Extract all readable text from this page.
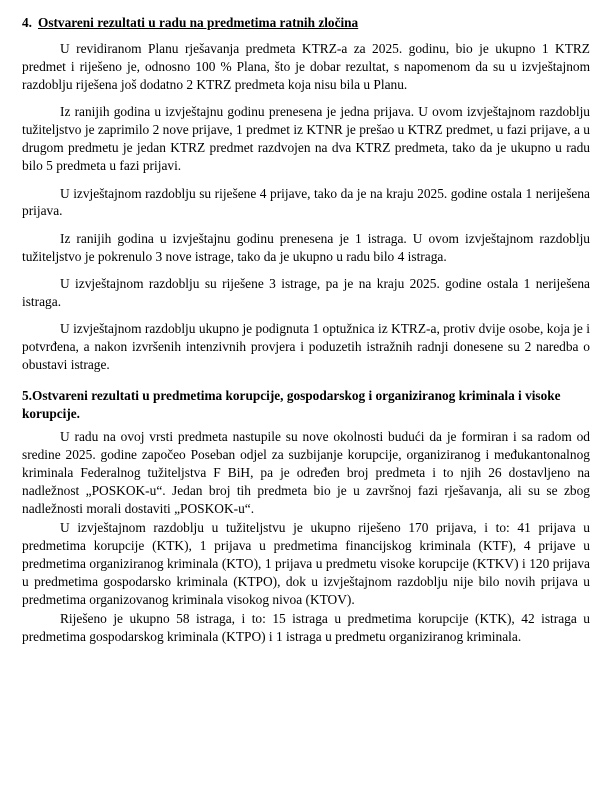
4. Ostvareni rezultati u radu na predmetima ratnih zločina

U revidiranom Planu rješavanja predmeta KTRZ-a za 2025. godinu, bio je ukupno 1 KTRZ predmet i riješeno je, odnosno 100 % Plana, što je dobar rezultat, s napomenom da su u izvještajnom razdoblju riješena još dodatno 2 KTRZ predmeta koja nisu bila u Planu.

Iz ranijih godina u izvještajnu godinu prenesena je jedna prijava. U ovom izvještajnom razdoblju tužiteljstvo je zaprimilo 2 nove prijave, 1 predmet iz KTNR je prešao u KTRZ predmet, u fazi prijave, a u drugom predmetu je jedan KTRZ predmet razdvojen na dva KTRZ predmeta, tako da je ukupno u radu bilo 5 predmeta u fazi prijavi.

U izvještajnom razdoblju su riješene 4 prijave, tako da je na kraju 2025. godine ostala 1 neriješena prijava.

Iz ranijih godina u izvještajnu godinu prenesena je 1 istraga. U ovom izvještajnom razdoblju tužiteljstvo je pokrenulo 3 nove istrage, tako da je ukupno u radu bilo 4 istraga.

U izvještajnom razdoblju su riješene 3 istrage, pa je na kraju 2025. godine ostala 1 neriješena istraga.

U izvještajnom razdoblju ukupno je podignuta 1 optužnica iz KTRZ-a, protiv dvije osobe, koja je i potvrđena, a nakon izvršenih intenzivnih provjera i poduzetih istražnih radnji donesene su 2 naredba o obustavi istrage.

5.Ostvareni rezultati u predmetima korupcije, gospodarskog i organiziranog kriminala i visoke korupcije.

U radu na ovoj vrsti predmeta nastupile su nove okolnosti budući da je formiran i sa radom od sredine 2025. godine započeo Poseban odjel za suzbijanje korupcije, organiziranog i međukantonalnog kriminala Federalnog tužiteljstva F BiH, pa je određen broj predmeta i to njih 26 dostavljeno na nadležnost „POSKOK-u“. Jedan broj tih predmeta bio je u završnoj fazi rješavanja, ali su se zbog nadležnosti morali dostaviti „POSKOK-u“.

U izvještajnom razdoblju u tužiteljstvu je ukupno riješeno 170 prijava, i to: 41 prijava u predmetima korupcije (KTK), 1 prijava u predmetima financijskog kriminala (KTF), 4 prijave u predmetima organiziranog kriminala (KTO), 1 prijava u predmetu visoke korupcije (KTKV) i 120 prijava u predmetima gospodarsko kriminala (KTPO), dok u izvještajnom razdoblju nije bilo novih prijava u predmetima organizovanog kriminala visokog nivoa (KTOV).

Riješeno je ukupno 58 istraga, i to: 15 istraga u predmetima korupcije (KTK), 42 istraga u predmetima gospodarskog kriminala (KTPO) i 1 istraga u predmetu organiziranog kriminala.
